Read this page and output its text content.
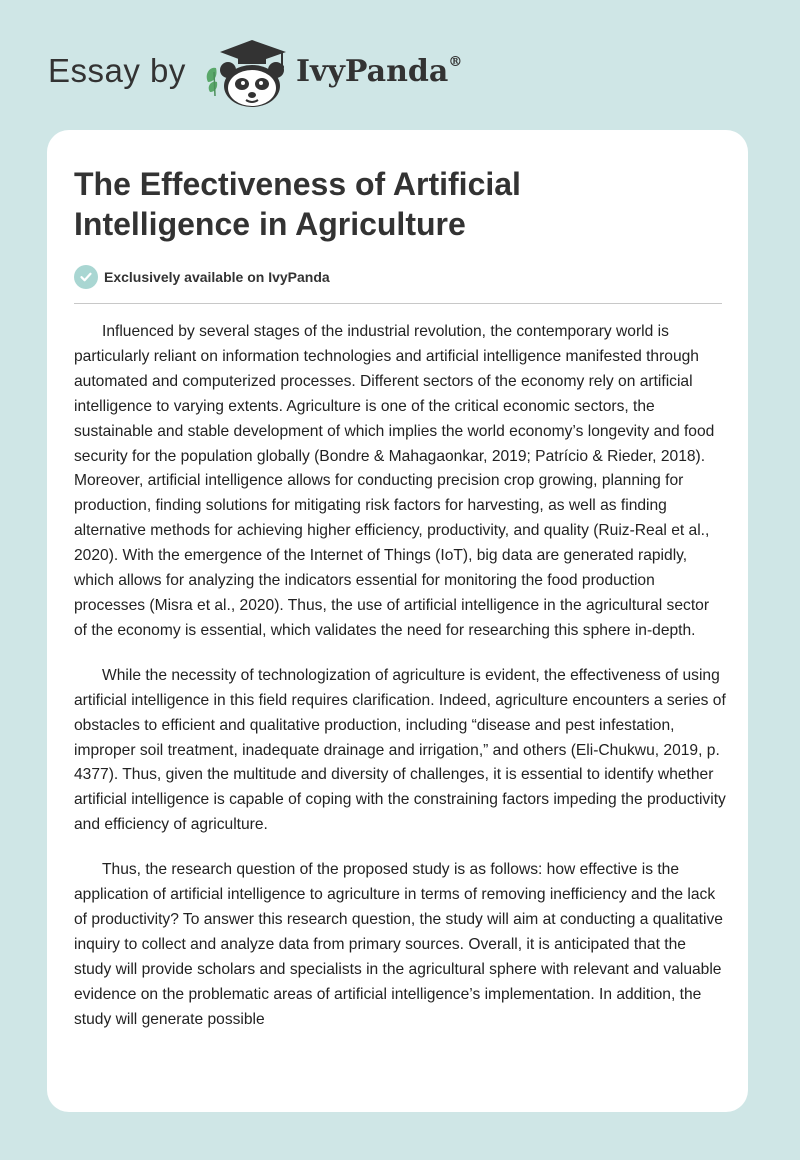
Essay by	IvyPanda®
The Effectiveness of Artificial Intelligence in Agriculture
Exclusively available on IvyPanda

Influenced by several stages of the industrial revolution, the contemporary world is particularly reliant on information technologies and artificial intelligence manifested through automated and computerized processes. Different sectors of the economy rely on artificial intelligence to varying extents. Agriculture is one of the critical economic sectors, the sustainable and stable development of which implies the world economy’s longevity and food security for the population globally (Bondre & Mahagaonkar, 2019; Patrício & Rieder, 2018). Moreover, artificial intelligence allows for conducting precision crop growing, planning for production, finding solutions for mitigating risk factors for harvesting, as well as finding alternative methods for achieving higher efficiency, productivity, and quality (Ruiz-Real et al., 2020). With the emergence of the Internet of Things (IoT), big data are generated rapidly, which allows for analyzing the indicators essential for monitoring the food production processes (Misra et al., 2020). Thus, the use of artificial intelligence in the agricultural sector of the economy is essential, which validates the need for researching this sphere in-depth.

While the necessity of technologization of agriculture is evident, the effectiveness of using artificial intelligence in this field requires clarification. Indeed, agriculture encounters a series of obstacles to efficient and qualitative production, including “disease and pest infestation, improper soil treatment, inadequate drainage and irrigation,” and others (Eli-Chukwu, 2019, p. 4377). Thus, given the multitude and diversity of challenges, it is essential to identify whether artificial intelligence is capable of coping with the constraining factors impeding the productivity and efficiency of agriculture.

Thus, the research question of the proposed study is as follows: how effective is the application of artificial intelligence to agriculture in terms of removing inefficiency and the lack of productivity? To answer this research question, the study will aim at conducting a qualitative inquiry to collect and analyze data from primary sources. Overall, it is anticipated that the study will provide scholars and specialists in the agricultural sphere with relevant and valuable evidence on the problematic areas of artificial intelligence’s implementation. In addition, the study will generate possible
